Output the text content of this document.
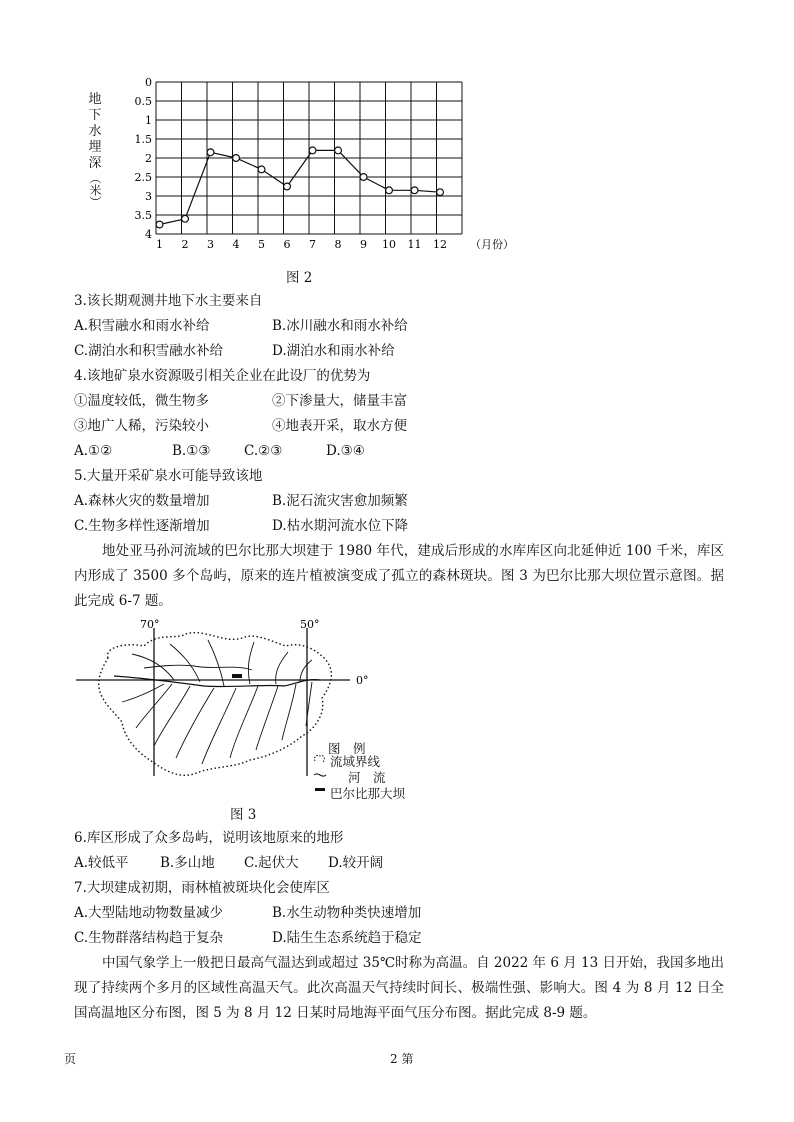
地
下
水
埋
深
（米）
0
0.5
1
1.5
2
2.5
3
3.5
4
1 2 3 4 5 6 7 8 9 10 11 12 （月份）
图 2
3.该长期观测井地下水主要来自
A.积雪融水和雨水补给	B.冰川融水和雨水补给
C.湖泊水和积雪融水补给	D.湖泊水和雨水补给
4.该地矿泉水资源吸引相关企业在此设厂的优势为
①温度较低，微生物多	②下渗量大，储量丰富
③地广人稀，污染较小	④地表开采，取水方便
A.①②	B.①③ C.②③	D.③④
5.大量开采矿泉水可能导致该地
A.森林火灾的数量增加	B.泥石流灾害愈加频繁
C.生物多样性逐渐增加	D.枯水期河流水位下降
地处亚马孙河流域的巴尔比那大坝建于 1980 年代，建成后形成的水库库区向北延伸近 100 千米，库区内形成了 3500 多个岛屿，原来的连片植被演变成了孤立的森林斑块。图 3 为巴尔比那大坝位置示意图。据此完成 6-7 题。
70°	50°
0°
图　例
流域界线
河　流
巴尔比那大坝
图 3
6.库区形成了众多岛屿，说明该地原来的地形
A.较低平 B.多山地 C.起伏大 D.较开阔
7.大坝建成初期，雨林植被斑块化会使库区
A.大型陆地动物数量减少	B.水生动物种类快速增加
C.生物群落结构趋于复杂	D.陆生生态系统趋于稳定
中国气象学上一般把日最高气温达到或超过 35℃时称为高温。自 2022 年 6 月 13 日开始，我国多地出现了持续两个多月的区域性高温天气。此次高温天气持续时间长、极端性强、影响大。图 4 为 8 月 12 日全国高温地区分布图，图 5 为 8 月 12 日某时局地海平面气压分布图。据此完成 8-9 题。
页	2 第
